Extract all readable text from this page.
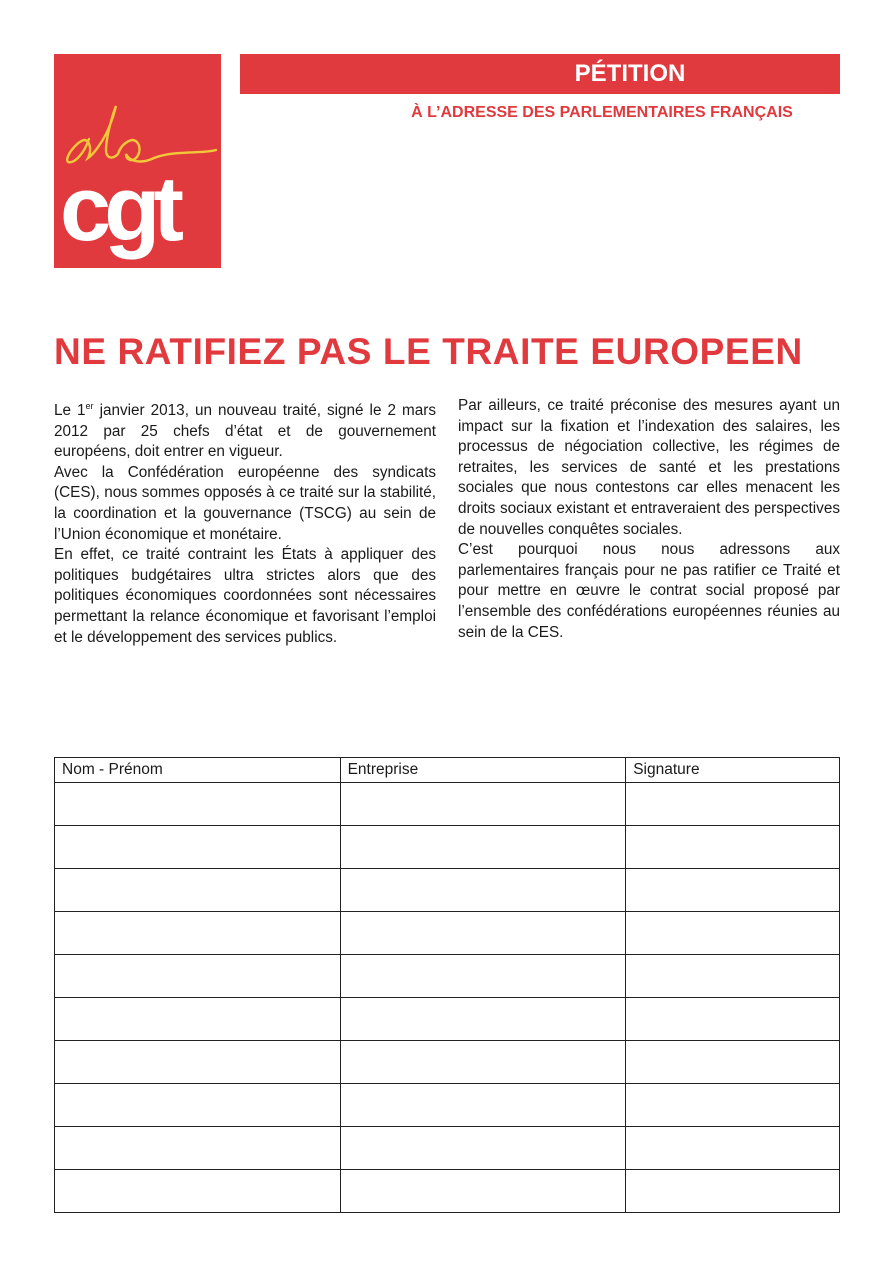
cgt
PÉTITION
À L’ADRESSE DES PARLEMENTAIRES FRANÇAIS
NE RATIFIEZ PAS LE TRAITE EUROPEEN

Le 1er janvier 2013, un nouveau traité, signé le 2 mars 2012 par 25 chefs d’état et de gouvernement européens, doit entrer en vigueur.

Avec la Confédération européenne des syndicats (CES), nous sommes opposés à ce traité sur la stabilité, la coordination et la gouvernance (TSCG) au sein de l’Union économique et monétaire.

En effet, ce traité contraint les États à appliquer des politiques budgétaires ultra strictes alors que des politiques économiques coordonnées sont nécessaires permettant la relance économique et favorisant l’emploi et le développement des services publics.

Par ailleurs, ce traité préconise des mesures ayant un impact sur la fixation et l’indexation des salaires, les processus de négociation collective, les régimes de retraites, les services de santé et les prestations sociales que nous contestons car elles menacent les droits sociaux existant et entraveraient des perspectives de nouvelles conquêtes sociales.

C’est pourquoi nous nous adressons aux parlementaires français pour ne pas ratifier ce Traité et pour mettre en œuvre le contrat social proposé par l’ensemble des confédérations européennes réunies au sein de la CES.

Nom - Prénom	Entreprise	Signature
